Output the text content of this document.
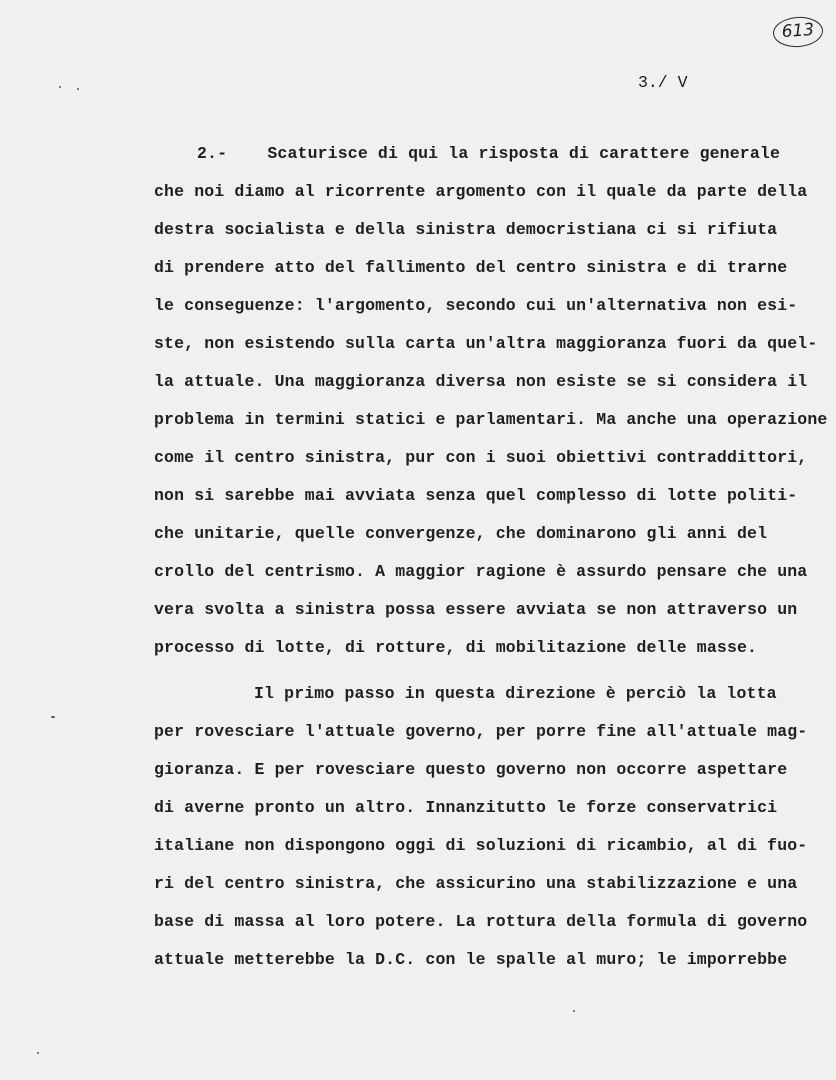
613
3./ V
2.-    Scaturisce di qui la risposta di carattere generale
che noi diamo al ricorrente argomento con il quale da parte della
destra socialista e della sinistra democristiana ci si rifiuta
di prendere atto del fallimento del centro sinistra e di trarne
le conseguenze: l'argomento, secondo cui un'alternativa non esi-
ste, non esistendo sulla carta un'altra maggioranza fuori da quel-
la attuale. Una maggioranza diversa non esiste se si considera il
problema in termini statici e parlamentari. Ma anche una operazione
come il centro sinistra, pur con i suoi obiettivi contraddittori,
non si sarebbe mai avviata senza quel complesso di lotte politi-
che unitarie, quelle convergenze, che dominarono gli anni del
crollo del centrismo. A maggior ragione è assurdo pensare che una
vera svolta a sinistra possa essere avviata se non attraverso un
processo di lotte, di rotture, di mobilitazione delle masse.
Il primo passo in questa direzione è perciò la lotta
per rovesciare l'attuale governo, per porre fine all'attuale mag-
gioranza. E per rovesciare questo governo non occorre aspettare
di averne pronto un altro. Innanzitutto le forze conservatrici
italiane non dispongono oggi di soluzioni di ricambio, al di fuo-
ri del centro sinistra, che assicurino una stabilizzazione e una
base di massa al loro potere. La rottura della formula di governo
attuale metterebbe la D.C. con le spalle al muro; le imporrebbe
